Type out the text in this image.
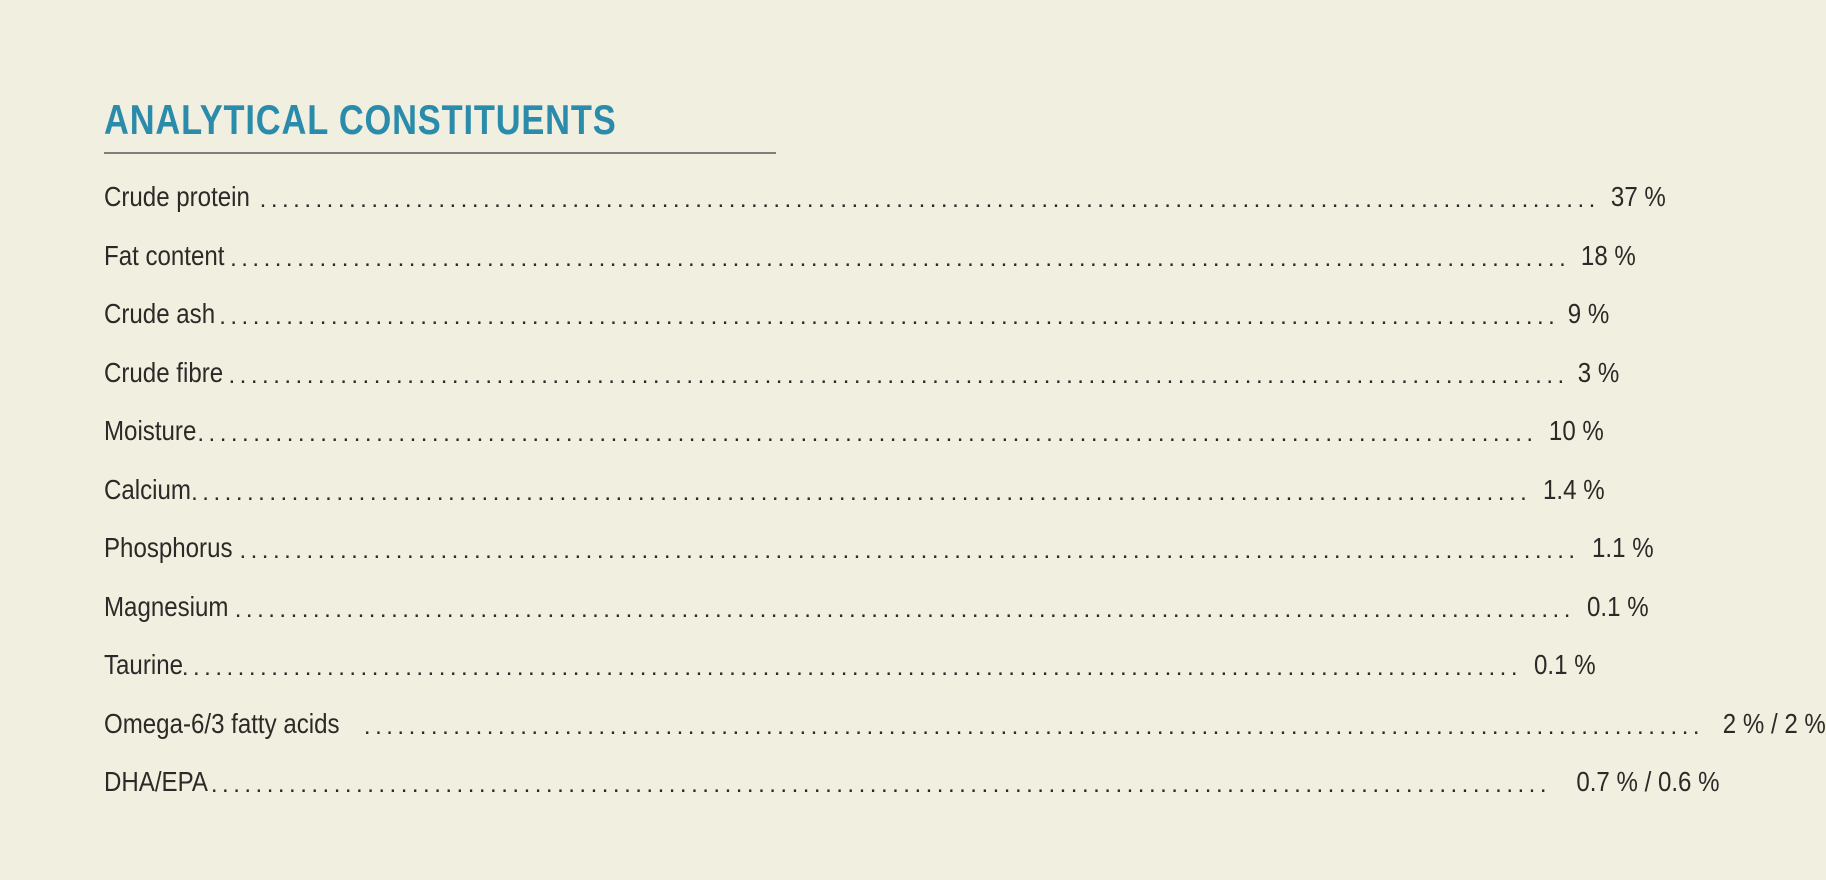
ANALYTICAL CONSTITUENTS
Crude protein ........................................................................................................................ 37 %
Fat content ........................................................................................................................ 18 %
Crude ash ........................................................................................................................ 9 %
Crude fibre ........................................................................................................................ 3 %
Moisture ........................................................................................................................ 10 %
Calcium ........................................................................................................................ 1.4 %
Phosphorus ........................................................................................................................ 1.1 %
Magnesium ........................................................................................................................ 0.1 %
Taurine
........................................................................................................................ 0.1 %
Omega-6/3 fatty acids ........................................................................................................................ 2 % / 2 %
DHA/EPA ........................................................................................................................ 0.7 % / 0.6 %
